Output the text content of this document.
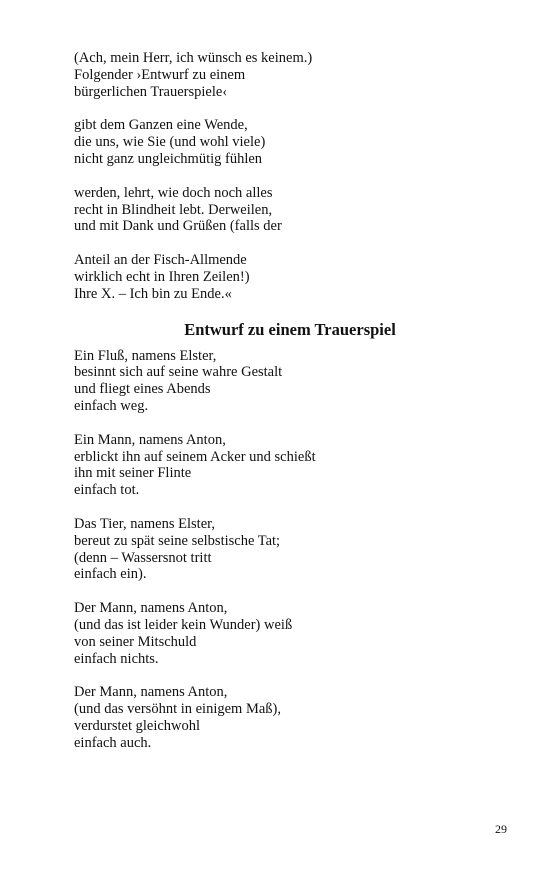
(Ach, mein Herr, ich wünsch es keinem.)
Folgender ›Entwurf zu einem
bürgerlichen Trauerspiele‹
gibt dem Ganzen eine Wende,
die uns, wie Sie (und wohl viele)
nicht ganz ungleichmütig fühlen
werden, lehrt, wie doch noch alles
recht in Blindheit lebt. Derweilen,
und mit Dank und Grüßen (falls der
Anteil an der Fisch-Allmende
wirklich echt in Ihren Zeilen!)
Ihre X. – Ich bin zu Ende.«
Entwurf zu einem Trauerspiel
Ein Fluß, namens Elster,
besinnt sich auf seine wahre Gestalt
und fliegt eines Abends
einfach weg.
Ein Mann, namens Anton,
erblickt ihn auf seinem Acker und schießt
ihn mit seiner Flinte
einfach tot.
Das Tier, namens Elster,
bereut zu spät seine selbstische Tat;
(denn – Wassersnot tritt
einfach ein).
Der Mann, namens Anton,
(und das ist leider kein Wunder) weiß
von seiner Mitschuld
einfach nichts.
Der Mann, namens Anton,
(und das versöhnt in einigem Maß),
verdurstet gleichwohl
einfach auch.
29
